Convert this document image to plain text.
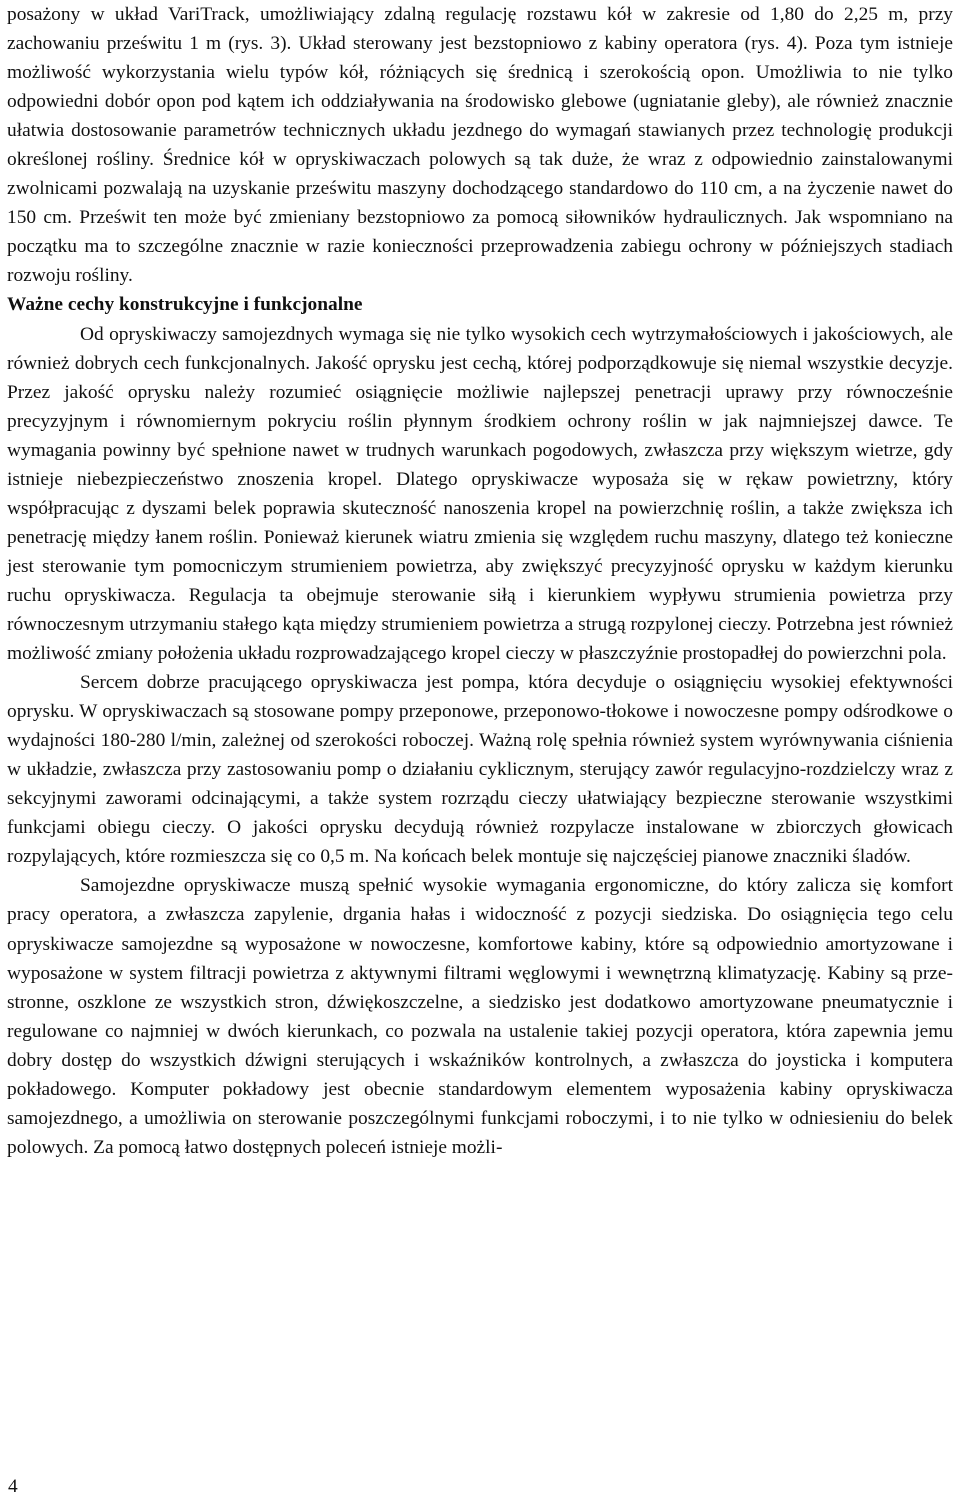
posażony w układ VariTrack, umożliwiający zdalną regulację rozstawu kół w zakresie od 1,80 do 2,25 m, przy zachowaniu prześwitu 1 m (rys. 3). Układ sterowany jest bezstopniowo z kabiny operatora (rys. 4). Poza tym istnieje możliwość wykorzystania wielu typów kół, różniących się średnicą i szerokością opon. Umożliwia to nie tylko odpowiedni dobór opon pod kątem ich oddziaływania na środowisko glebowe (ugniatanie gleby), ale również znacznie ułatwia dostosowanie parametrów technicznych układu jezdnego do wymagań stawianych przez technologię produkcji określonej rośliny. Średnice kół w opryskiwaczach polowych są tak duże, że wraz z odpowiednio zainstalowanymi zwolnicami pozwalają na uzyskanie prześwitu maszyny dochodzącego standardowo do 110 cm, a na życzenie nawet do 150 cm. Prześwit ten może być zmieniany bezstopniowo za pomocą siłowników hydraulicznych. Jak wspomniano na początku ma to szczególne znacznie w razie konieczności przeprowadzenia zabiegu ochrony w późniejszych stadiach rozwoju rośliny.

Ważne cechy konstrukcyjne i funkcjonalne

Od opryskiwaczy samojezdnych wymaga się nie tylko wysokich cech wytrzymałościowych i jakościowych, ale również dobrych cech funkcjonalnych. Jakość oprysku jest cechą, której podporządkowuje się niemal wszystkie decyzje. Przez jakość oprysku należy rozumieć osiągnięcie możliwie najlepszej penetracji uprawy przy równocześnie precyzyjnym i równomiernym pokryciu roślin płynnym środkiem ochrony roślin w jak najmniejszej dawce. Te wymagania powinny być spełnione nawet w trudnych warunkach pogodowych, zwłaszcza przy większym wietrze, gdy istnieje niebezpieczeństwo znoszenia kropel. Dlatego opryskiwacze wyposaża się w rękaw powietrzny, który współpracując z dyszami belek poprawia skuteczność nanoszenia kropel na powierzchnię roślin, a także zwiększa ich penetrację między łanem roślin. Ponieważ kierunek wiatru zmienia się względem ruchu maszyny, dlatego też konieczne jest sterowanie tym pomocniczym strumieniem powietrza, aby zwiększyć precyzyjność oprysku w każdym kierunku ruchu opryskiwacza. Regulacja ta obejmuje sterowanie siłą i kierunkiem wypływu strumienia powietrza przy równoczesnym utrzymaniu stałego kąta między strumieniem powietrza a strugą rozpylonej cieczy. Potrzebna jest również możliwość zmiany położenia układu rozprowadzającego kropel cieczy w płaszczyźnie prostopadłej do powierzchni pola.

Sercem dobrze pracującego opryskiwacza jest pompa, która decyduje o osiągnięciu wysokiej efektywności oprysku. W opryskiwaczach są stosowane pompy przeponowe, przeponowo-tłokowe i nowoczesne pompy odśrodkowe o wydajności 180-280 l/min, zależnej od szerokości roboczej. Ważną rolę spełnia również system wyrównywania ciśnienia w układzie, zwłaszcza przy zastosowaniu pomp o działaniu cyklicznym, sterujący zawór regulacyjno-rozdzielczy wraz z sekcyjnymi zaworami odcinającymi, a także system rozrządu cieczy ułatwiający bezpieczne sterowanie wszystkimi funkcjami obiegu cieczy. O jakości oprysku decydują również rozpylacze instalowane w zbiorczych głowicach rozpylających, które rozmieszcza się co 0,5 m. Na końcach belek montuje się najczęściej pianowe znaczniki śladów.

Samojezdne opryskiwacze muszą spełnić wysokie wymagania ergonomiczne, do który zalicza się komfort pracy operatora, a zwłaszcza zapylenie, drgania hałas i widoczność z pozycji siedziska. Do osiągnięcia tego celu opryskiwacze samojezdne są wyposażone w nowoczesne, komfortowe kabiny, które są odpowiednio amortyzowane i wyposażone w system filtracji powietrza z aktywnymi filtrami węglowymi i wewnętrzną klimatyzację. Kabiny są przestronne, oszklone ze wszystkich stron, dźwiękoszczelne, a siedzisko jest dodatkowo amortyzowane pneumatycznie i regulowane co najmniej w dwóch kierunkach, co pozwala na ustalenie takiej pozycji operatora, która zapewnia jemu dobry dostęp do wszystkich dźwigni sterujących i wskaźników kontrolnych, a zwłaszcza do joysticka i komputera pokładowego. Komputer pokładowy jest obecnie standardowym elementem wyposażenia kabiny opryskiwacza samojezdnego, a umożliwia on sterowanie poszczególnymi funkcjami roboczymi, i to nie tylko w odniesieniu do belek polowych. Za pomocą łatwo dostępnych poleceń istnieje możli-

4
